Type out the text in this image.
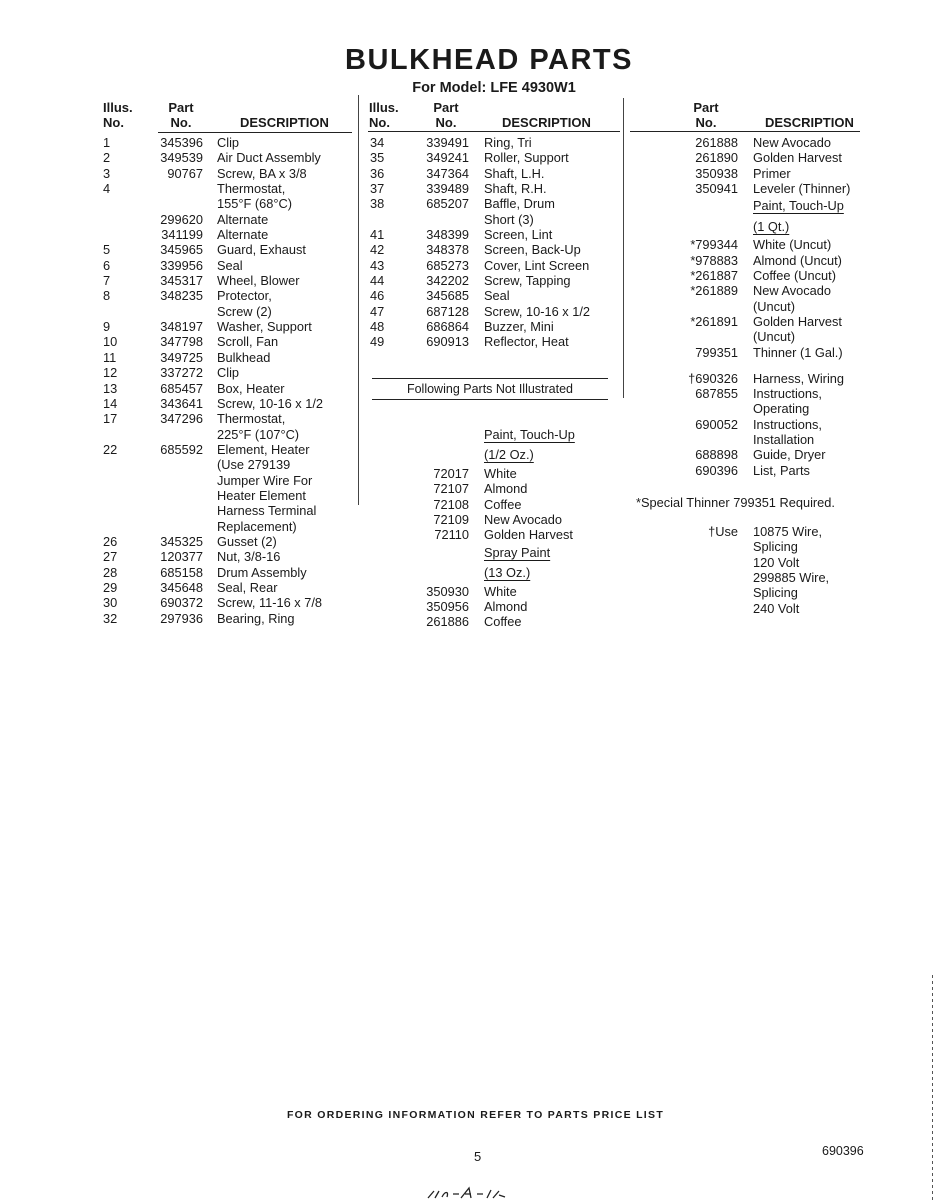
BULKHEAD PARTS
For Model: LFE 4930W1
Illus.
No.
Part
No.	DESCRIPTION
Illus.
No.
Part
No.	DESCRIPTION
Part
No.	DESCRIPTION
1	345396 Clip
2	349539 Air Duct Assembly
3	90767 Screw, BA x 3/8
4	Thermostat,
155°F (68°C)
299620 Alternate
341199 Alternate
5	345965 Guard, Exhaust
6	339956 Seal
7	345317 Wheel, Blower
8	348235 Protector,
Screw (2)
9	348197 Washer, Support
10	347798 Scroll, Fan
11	349725 Bulkhead
12	337272 Clip
13	685457 Box, Heater
14	343641 Screw, 10-16 x 1/2
17	347296 Thermostat,
225°F (107°C)
22	685592 Element, Heater
(Use 279139
Jumper Wire For
Heater Element
Harness Terminal
Replacement)
26	345325 Gusset (2)
27	120377 Nut, 3/8-16
28	685158 Drum Assembly
29	345648 Seal, Rear
30	690372 Screw, 11-16 x 7/8
32	297936 Bearing, Ring
34	339491 Ring, Tri
35	349241 Roller, Support
36	347364 Shaft, L.H.
37	339489 Shaft, R.H.
38	685207 Baffle, Drum
Short (3)
41	348399 Screen, Lint
42	348378 Screen, Back-Up
43	685273 Cover, Lint Screen
44	342202 Screw, Tapping
46	345685 Seal
47	687128 Screw, 10-16 x 1/2
48	686864 Buzzer, Mini
49	690913 Reflector, Heat
Paint, Touch-Up
(1/2 Oz.)
72017 White
72107 Almond
72108 Coffee
72109 New Avocado
72110 Golden Harvest
Spray Paint
(13 Oz.)
350930 White
350956 Almond
261886 Coffee
261888 New Avocado
261890 Golden Harvest
350938 Primer
350941 Leveler (Thinner)
Paint, Touch-Up
(1 Qt.)
*799344 White (Uncut)
*978883 Almond (Uncut)
*261887 Coffee (Uncut)
*261889 New Avocado
(Uncut)
*261891 Golden Harvest
(Uncut)
799351 Thinner (1 Gal.)
†690326 Harness, Wiring
687855 Instructions,
Operating
690052 Instructions,
Installation
688898 Guide, Dryer
690396 List, Parts
†Use 10875 Wire,
Splicing
120 Volt
299885 Wire,
Splicing
240 Volt
Following Parts Not Illustrated
*Special Thinner 799351 Required.
FOR ORDERING INFORMATION REFER TO PARTS PRICE LIST
5	690396
